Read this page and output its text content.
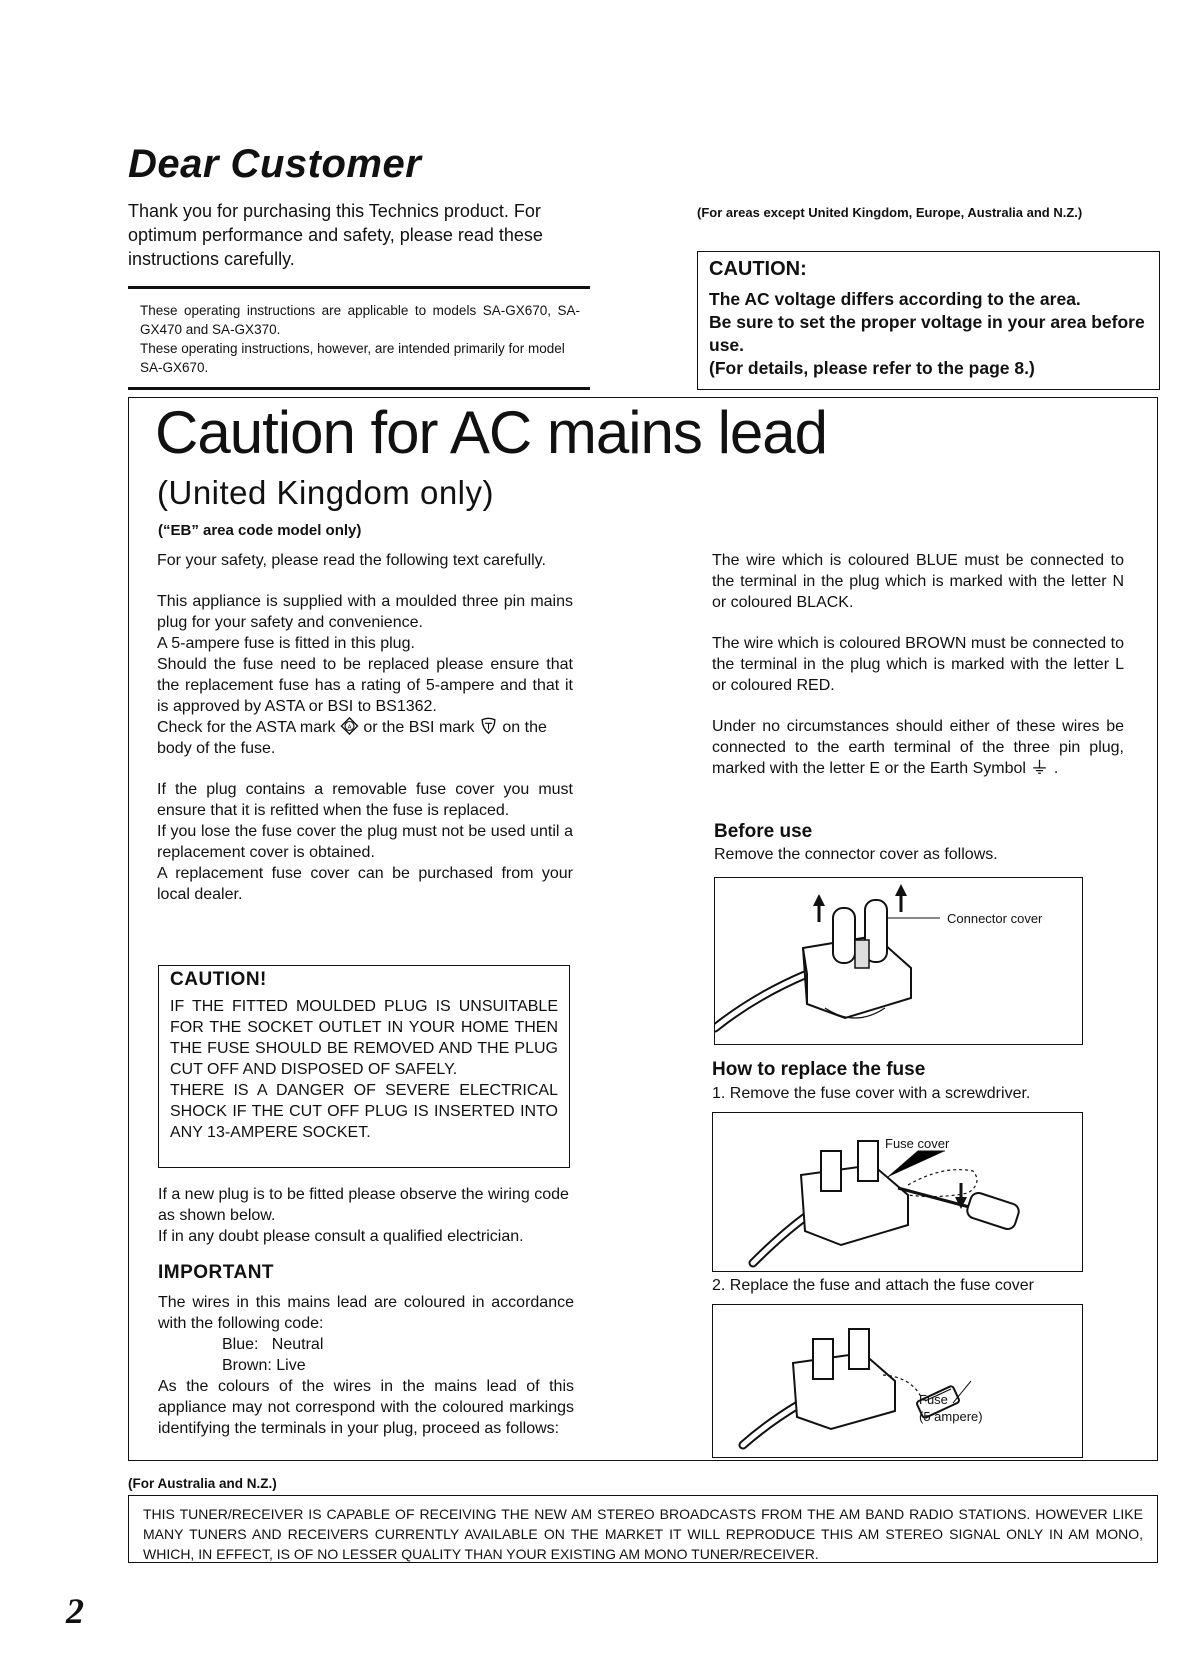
Dear Customer
Thank you for purchasing this Technics product. For optimum performance and safety, please read these instructions carefully.

These operating instructions are applicable to models SA-GX670, SA-GX470 and SA-GX370.

These operating instructions, however, are intended primarily for model SA-GX670.

(For areas except United Kingdom, Europe, Australia and N.Z.)
CAUTION:

The AC voltage differs according to the area.

Be sure to set the proper voltage in your area before use.

(For details, please refer to the page 8.)

Caution for AC mains lead
(United Kingdom only)
(“EB” area code model only)

For your safety, please read the following text carefully.

This appliance is supplied with a moulded three pin mains plug for your safety and convenience.

A 5-ampere fuse is fitted in this plug.

Should the fuse need to be replaced please ensure that the replacement fuse has a rating of 5-ampere and that it is approved by ASTA or BSI to BS1362.

Check for the ASTA mark A or the BSI mark on the body of the fuse.

If the plug contains a removable fuse cover you must ensure that it is refitted when the fuse is replaced.

If you lose the fuse cover the plug must not be used until a replacement cover is obtained.

A replacement fuse cover can be purchased from your local dealer.

CAUTION!

IF THE FITTED MOULDED PLUG IS UNSUITABLE FOR THE SOCKET OUTLET IN YOUR HOME THEN THE FUSE SHOULD BE REMOVED AND THE PLUG CUT OFF AND DISPOSED OF SAFELY.

THERE IS A DANGER OF SEVERE ELECTRICAL SHOCK IF THE CUT OFF PLUG IS INSERTED INTO ANY 13-AMPERE SOCKET.

If a new plug is to be fitted please observe the wiring code as shown below.

If in any doubt please consult a qualified electrician.

IMPORTANT

The wires in this mains lead are coloured in accordance with the following code:

Blue:   Neutral

Brown: Live

As the colours of the wires in the mains lead of this appliance may not correspond with the coloured markings identifying the terminals in your plug, proceed as follows:

The wire which is coloured BLUE must be connected to the terminal in the plug which is marked with the letter N or coloured BLACK.

The wire which is coloured BROWN must be connected to the terminal in the plug which is marked with the letter L or coloured RED.

Under no circumstances should either of these wires be connected to the earth terminal of the three pin plug, marked with the letter E or the Earth Symbol .

Before use
Remove the connector cover as follows.
Connector cover
How to replace the fuse
1. Remove the fuse cover with a screwdriver.
Fuse cover
2. Replace the fuse and attach the fuse cover
Fuse
(5 ampere)
(For Australia and N.Z.)
THIS TUNER/RECEIVER IS CAPABLE OF RECEIVING THE NEW AM STEREO BROADCASTS FROM THE AM BAND RADIO STATIONS. HOWEVER LIKE MANY TUNERS AND RECEIVERS CURRENTLY AVAILABLE ON THE MARKET IT WILL REPRODUCE THIS AM STEREO SIGNAL ONLY IN AM MONO, WHICH, IN EFFECT, IS OF NO LESSER QUALITY THAN YOUR EXISTING AM MONO TUNER/RECEIVER.
2
